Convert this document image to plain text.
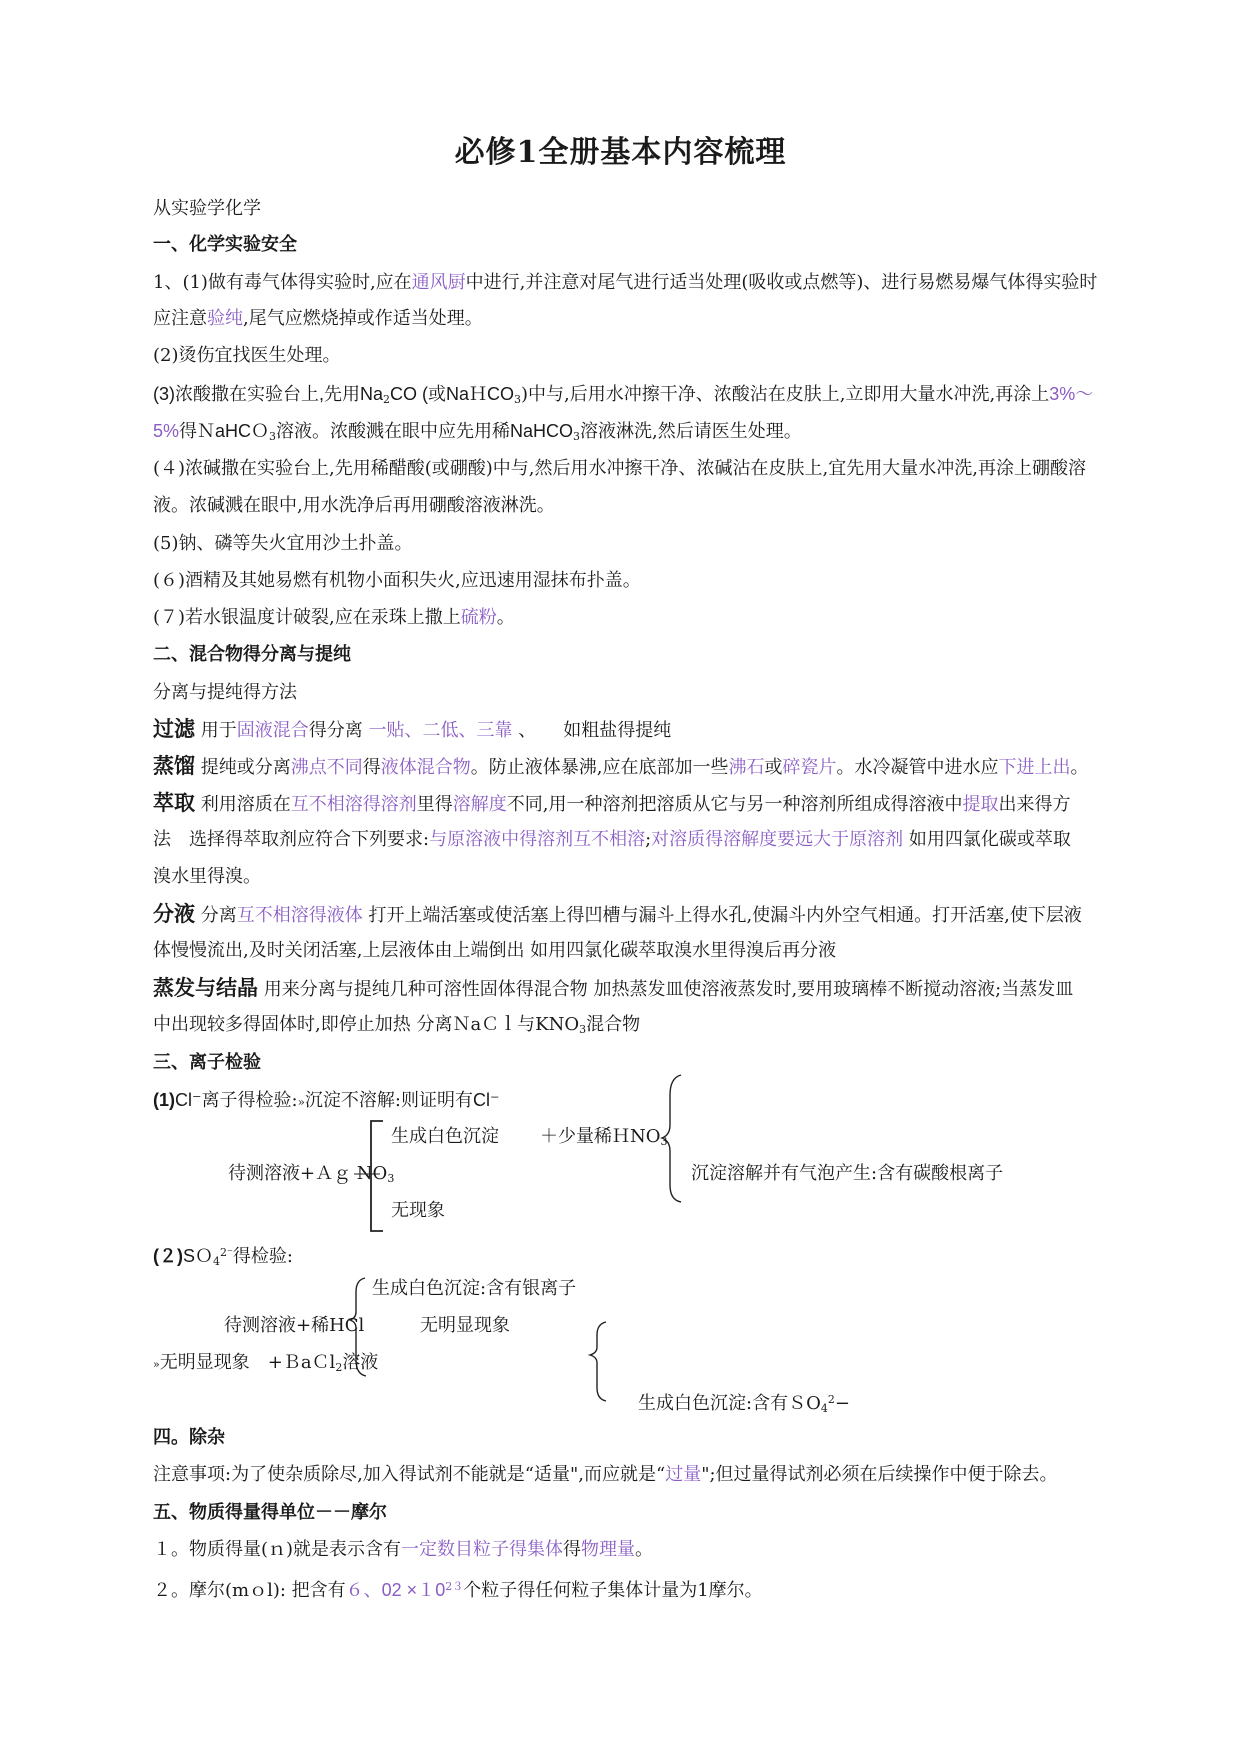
必修1全册基本内容梳理
从实验学化学
一、化学实验安全
1、(1)做有毒气体得实验时,应在通风厨中进行,并注意对尾气进行适当处理(吸收或点燃等)、进行易燃易爆气体得实验时
应注意验纯,尾气应燃烧掉或作适当处理。
(2)烫伤宜找医生处理。
(3)浓酸撒在实验台上,先用$Na_2CO$ (或NaＨCO$_3$)中与,后用水冲擦干净、浓酸沾在皮肤上,立即用大量水冲洗,再涂上3%～
5%得ＮaHCＯ$_3$溶液。浓酸溅在眼中应先用稀NaHCO$_3$溶液淋洗,然后请医生处理。
(４)浓碱撒在实验台上,先用稀醋酸(或硼酸)中与,然后用水冲擦干净、浓碱沾在皮肤上,宜先用大量水冲洗,再涂上硼酸溶
液。浓碱溅在眼中,用水洗净后再用硼酸溶液淋洗。
(5)钠、磷等失火宜用沙土扑盖。
(６)酒精及其她易燃有机物小面积失火,应迅速用湿抹布扑盖。
(７)若水银温度计破裂,应在汞珠上撒上硫粉。
二、混合物得分离与提纯
分离与提纯得方法
过滤 用于固液混合得分离 一贴、二低、三靠 、　　如粗盐得提纯
蒸馏 提纯或分离沸点不同得液体混合物。防止液体暴沸,应在底部加一些沸石或碎瓷片。水冷凝管中进水应下进上出。
萃取 利用溶质在互不相溶得溶剂里得溶解度不同,用一种溶剂把溶质从它与另一种溶剂所组成得溶液中提取出来得方
法　选择得萃取剂应符合下列要求:与原溶液中得溶剂互不相溶;对溶质得溶解度要远大于原溶剂 如用四氯化碳或萃取
溴水里得溴。
分液 分离互不相溶得液体 打开上端活塞或使活塞上得凹槽与漏斗上得水孔,使漏斗内外空气相通。打开活塞,使下层液
体慢慢流出,及时关闭活塞,上层液体由上端倒出 如用四氯化碳萃取溴水里得溴后再分液
蒸发与结晶 用来分离与提纯几种可溶性固体得混合物 加热蒸发皿使溶液蒸发时,要用玻璃棒不断搅动溶液;当蒸发皿
中出现较多得固体时,即停止加热 分离ＮaＣｌ与$KNO_3$混合物
三、离子检验
(1)Cl⁻离子得检验:»沉淀不溶解:则证明有Cl⁻
生成白色沉淀 ＋少量稀ＨNO$_3$
待测溶液+Ａｇ $NO_3$	沉淀溶解并有气泡产生:含有碳酸根离子
无现象
(２)SＯ$_4^{2^-}$得检验:
生成白色沉淀:含有银离子
待测溶液+稀HCl	无明显现象
»无明显现象　+ＢaＣl$_2$溶液
生成白色沉淀:含有ＳO$_4^2$−
四。除杂
注意事项:为了使杂质除尽,加入得试剂不能就是“适量",而应就是“过量";但过量得试剂必须在后续操作中便于除去。
五、物质得量得单位－－摩尔
１。物质得量(ｎ)就是表示含有一定数目粒子得集体得物理量。
２。摩尔(mｏl): 把含有６、$02 \times 10^{23}$个粒子得任何粒子集体计量为1摩尔。
